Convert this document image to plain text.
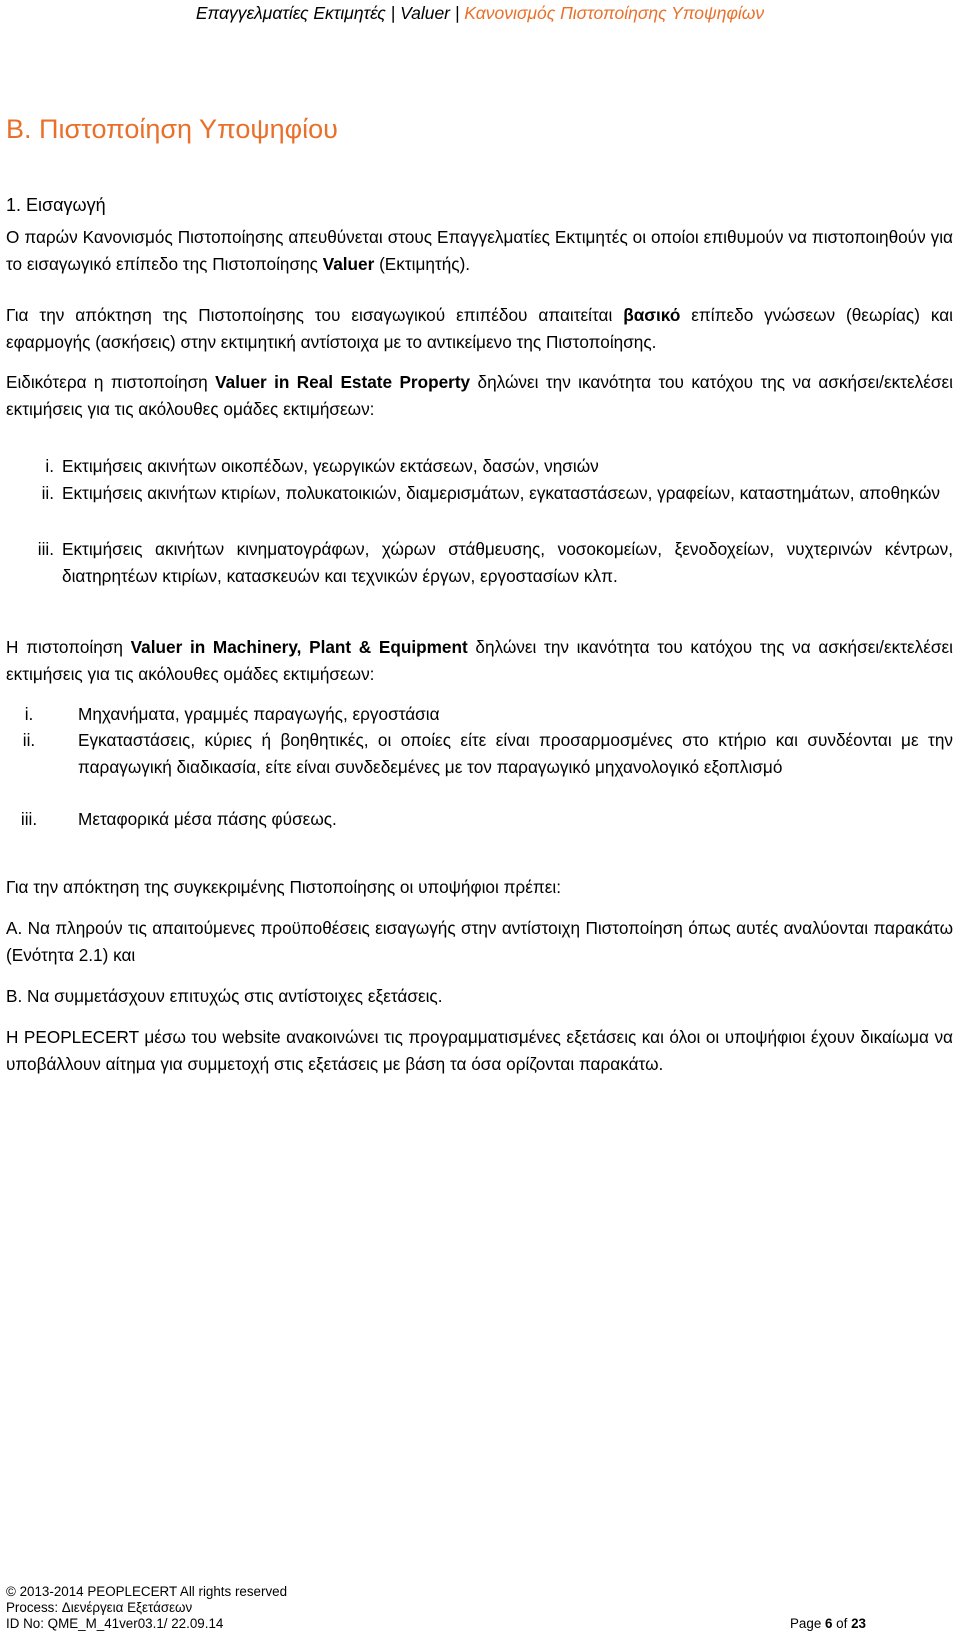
Επαγγελματίες Εκτιμητές | Valuer | Κανονισμός Πιστοποίησης Υποψηφίων
Β. Πιστοποίηση Υποψηφίου
1. Εισαγωγή
Ο παρών Κανονισμός Πιστοποίησης απευθύνεται στους Επαγγελματίες Εκτιμητές οι οποίοι επιθυμούν να πιστοποιηθούν για το εισαγωγικό επίπεδο της Πιστοποίησης Valuer (Εκτιμητής).
Για την απόκτηση της Πιστοποίησης του εισαγωγικού επιπέδου απαιτείται βασικό επίπεδο γνώσεων (θεωρίας) και εφαρμογής (ασκήσεις) στην εκτιμητική αντίστοιχα με το αντικείμενο της Πιστοποίησης.
Ειδικότερα η πιστοποίηση Valuer in Real Estate Property δηλώνει την ικανότητα του κατόχου της να ασκήσει/εκτελέσει εκτιμήσεις για τις ακόλουθες ομάδες εκτιμήσεων:
i. Εκτιμήσεις ακινήτων οικοπέδων, γεωργικών εκτάσεων, δασών, νησιών
ii. Εκτιμήσεις ακινήτων κτιρίων, πολυκατοικιών, διαμερισμάτων, εγκαταστάσεων, γραφείων, καταστημάτων, αποθηκών
iii. Εκτιμήσεις ακινήτων κινηματογράφων, χώρων στάθμευσης, νοσοκομείων, ξενοδοχείων, νυχτερινών κέντρων, διατηρητέων κτιρίων, κατασκευών και τεχνικών έργων, εργοστασίων κλπ.
Η πιστοποίηση Valuer in Machinery, Plant & Equipment δηλώνει την ικανότητα του κατόχου της να ασκήσει/εκτελέσει εκτιμήσεις για τις ακόλουθες ομάδες εκτιμήσεων:
i.	Μηχανήματα, γραμμές παραγωγής, εργοστάσια
ii.	Εγκαταστάσεις, κύριες ή βοηθητικές, οι οποίες είτε είναι προσαρμοσμένες στο κτήριο και συνδέονται με την παραγωγική διαδικασία, είτε είναι συνδεδεμένες με τον παραγωγικό μηχανολογικό εξοπλισμό
iii.	Μεταφορικά μέσα πάσης φύσεως.
Για την απόκτηση της συγκεκριμένης Πιστοποίησης οι υποψήφιοι πρέπει:
Α. Να πληρούν τις απαιτούμενες προϋποθέσεις εισαγωγής στην αντίστοιχη Πιστοποίηση όπως αυτές αναλύονται παρακάτω (Ενότητα 2.1) και
Β. Να συμμετάσχουν επιτυχώς στις αντίστοιχες εξετάσεις.
Η PEOPLECERT μέσω του website ανακοινώνει τις προγραμματισμένες εξετάσεις και όλοι οι υποψήφιοι έχουν δικαίωμα να υποβάλλουν αίτημα για συμμετοχή στις εξετάσεις με βάση τα όσα ορίζονται παρακάτω.
© 2013-2014 PEOPLECERT All rights reserved
Process: Διενέργεια Εξετάσεων
ID No: QME_M_41ver03.1/ 22.09.14	Page 6 of 23
